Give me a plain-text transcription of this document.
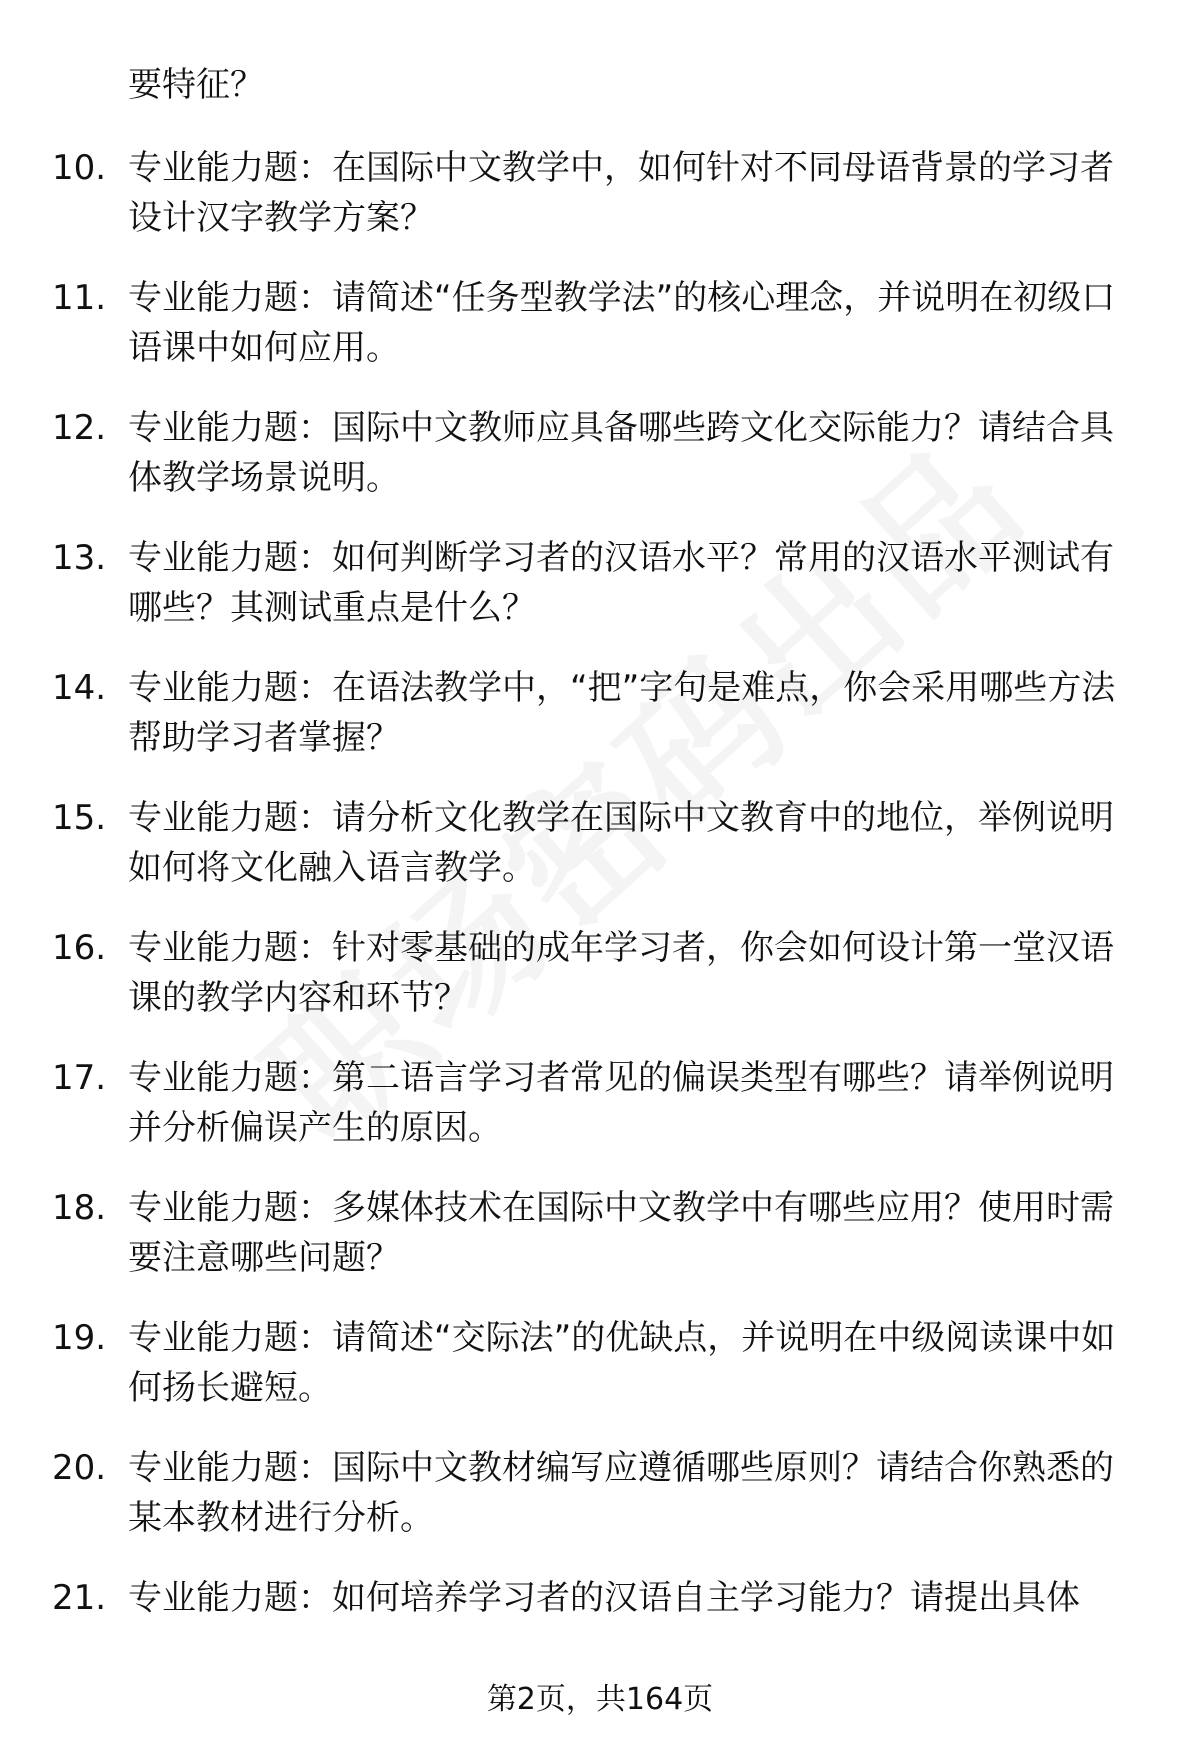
要特征？
10. 专业能力题：在国际中文教学中，如何针对不同母语背景的学习者设计汉字教学方案？
11. 专业能力题：请简述“任务型教学法”的核心理念，并说明在初级口语课中如何应用。
12. 专业能力题：国际中文教师应具备哪些跨文化交际能力？请结合具体教学场景说明。
13. 专业能力题：如何判断学习者的汉语水平？常用的汉语水平测试有哪些？其测试重点是什么？
14. 专业能力题：在语法教学中，“把”字句是难点，你会采用哪些方法帮助学习者掌握？
15. 专业能力题：请分析文化教学在国际中文教育中的地位，举例说明如何将文化融入语言教学。
16. 专业能力题：针对零基础的成年学习者，你会如何设计第一堂汉语课的教学内容和环节？
17. 专业能力题：第二语言学习者常见的偏误类型有哪些？请举例说明并分析偏误产生的原因。
18. 专业能力题：多媒体技术在国际中文教学中有哪些应用？使用时需要注意哪些问题？
19. 专业能力题：请简述“交际法”的优缺点，并说明在中级阅读课中如何扬长避短。
20. 专业能力题：国际中文教材编写应遵循哪些原则？请结合你熟悉的某本教材进行分析。
21. 专业能力题：如何培养学习者的汉语自主学习能力？请提出具体
第2页，共164页
